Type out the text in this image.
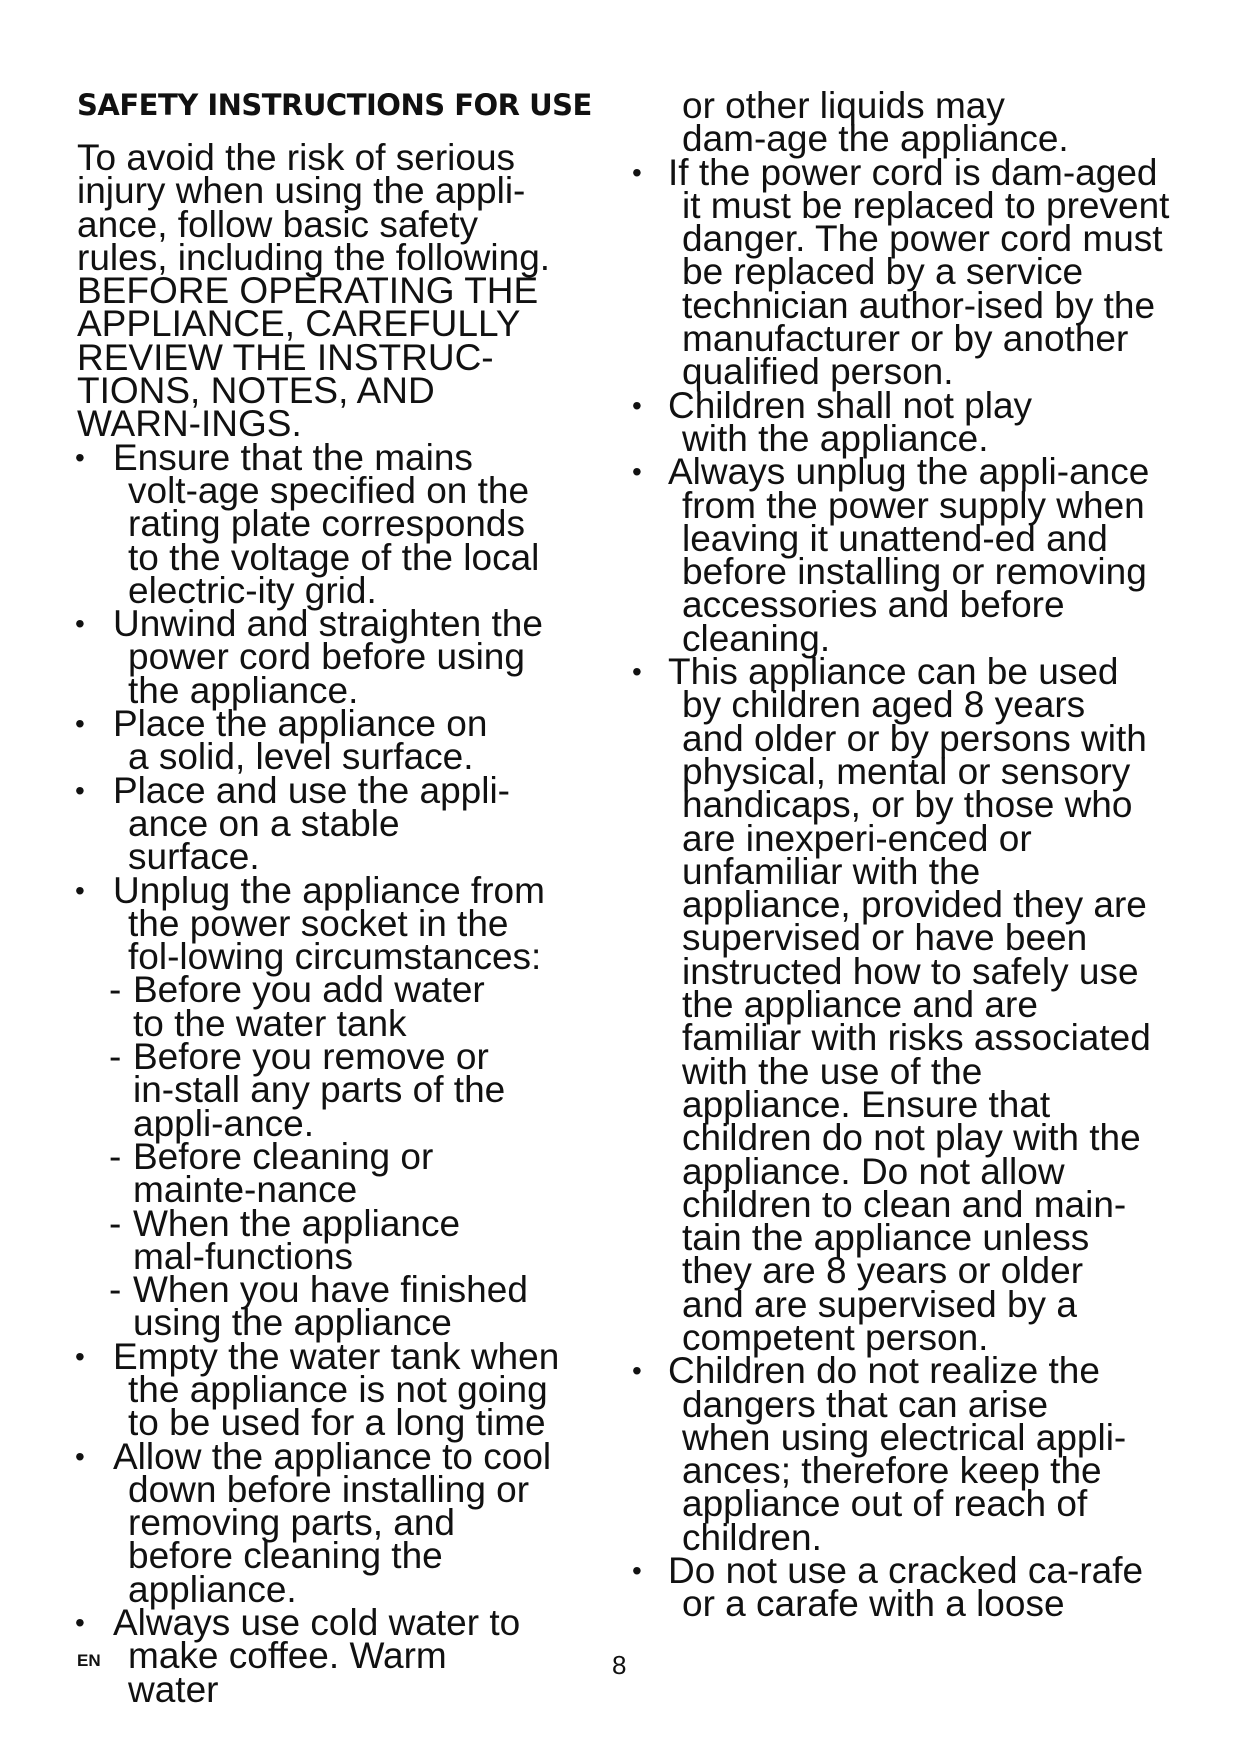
SAFETY INSTRUCTIONS FOR USE

To avoid the risk of serious injury when using the appli-ance, follow basic safety rules, including the following.

BEFORE OPERATING THE APPLIANCE, CAREFULLY REVIEW THE INSTRUC-TIONS, NOTES, AND WARN-INGS.

• Ensure that the mains volt-age specified on the rating plate corresponds to the voltage of the local electric-ity grid.

• Unwind and straighten the power cord before using the appliance.

• Place the appliance on a solid, level surface.

• Place and use the appli-ance on a stable surface.

• Unplug the appliance from the power socket in the fol-lowing circumstances:

- Before you add water to the water tank

- Before you remove or in-stall any parts of the appli-ance.

- Before cleaning or mainte-nance

- When the appliance mal-functions

- When you have finished using the appliance

• Empty the water tank when the appliance is not going to be used for a long time

• Allow the appliance to cool down before installing or removing parts, and before cleaning the appliance.

• Always use cold water to make coffee. Warm water

or other liquids may dam-age the appliance.

• If the power cord is dam-aged it must be replaced to prevent danger. The power cord must be replaced by a service technician author-ised by the manufacturer or by another qualified person.

• Children shall not play with the appliance.

• Always unplug the appli-ance from the power supply when leaving it unattend-ed and before installing or removing accessories and before cleaning.

• This appliance can be used by children aged 8 years and older or by persons with physical, mental or sensory handicaps, or by those who are inexperi-enced or unfamiliar with the appliance, provided they are supervised or have been instructed how to safely use the appliance and are familiar with risks associated with the use of the appliance. Ensure that children do not play with the appliance. Do not allow children to clean and main-tain the appliance unless they are 8 years or older and are supervised by a competent person.

• Children do not realize the dangers that can arise when using electrical appli-ances; therefore keep the appliance out of reach of children.

• Do not use a cracked ca-rafe or a carafe with a loose

EN	8
